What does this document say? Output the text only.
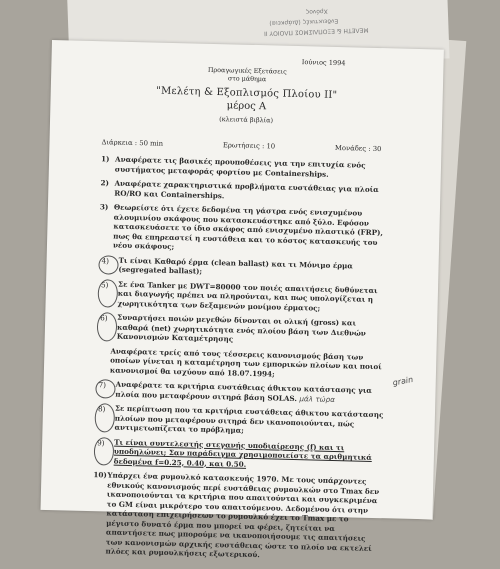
ΜΕΛΕΤΗ & ΕΞΟΠΛΙΣΜΟΣ ΠΛΟΙΟΥ ΙΙ
Ενδεικτικές (Διάρκεια)
Χρόνος
Ιούνιος 1994
Προαγωγικές Εξετάσεις
στο μάθημα
"Μελέτη & Εξοπλισμός Πλοίου ΙΙ"
μέρος Α
(κλειστά βιβλία)
Διάρκεια : 50 min	Ερωτήσεις : 10	Μονάδες : 30
1) Αναφέρατε τις βασικές προυποθέσεις για την επιτυχία ενός συστήματος μεταφοράς φορτίου με Containerships.
2) Αναφέρατε χαρακτηριστικά προβλήματα ευστάθειας για πλοία RO/RO και Containerships.
3) Θεωρείστε ότι έχετε δεδομένα τη γάστρα ενός ενισχυμένου αλουμινίου σκάφους που κατασκευάστηκε από ξύλο. Εφόσον κατασκευάσετε το ίδιο σκάφος από ενισχυμένο πλαστικό (FRP), πως θα επηρεαστεί η ευστάθεια και το κόστος κατασκευής του νέου σκάφους;
4)	Τι είναι Καθαρό έρμα (clean ballast) και τι Μόνιμο έρμα (segregated ballast);
5)	Σε ένα Tanker με DWT=80000 τον ποιές απαιτήσεις δυθύνεται και διαγωγής πρέπει να πληρούνται, και πως υπολογίζεται η χωρητικότητα των δεξαμενών μονίμου έρματος;
6)	Συναρτήσει ποιών μεγεθών δίνονται οι ολική (gross) και καθαρά (net) χωρητικότητα ενός πλοίου βάση των Διεθνών Κανονισμών Καταμέτρησης
Αναφέρατε τρείς από τους τέσσερεις κανονισμούς βάση των οποίων γίνεται η καταμέτρηση των εμπορικών πλοίων και ποιοί κανονισμοί θα ισχύουν από 18.07.1994;
7)	Αναφέρατε τα κριτήρια ευστάθειας άθικτου κατάστασης για πλοία που μεταφέρουν σιτηρά βάση SOLAS. μάλ τώρα
8)	Σε περίπτωση που τα κριτήρια ευστάθειας άθικτου κατάστασης πλοίων που μεταφέρουν σιτηρά δεν ικανοποιούνται, πώς αντιμετωπίζεται το πρόβλημα;
9)	Τι είναι συντελεστής στεγανής υποδιαίρεσης (f) και τι υποδηλώνει; Σαν παράδειγμα χρησιμοποιείστε τα αριθμητικά δεδομένα f=0.25, 0.40, και 0.50.
10) Υπάρχει ένα ρυμουλκό κατασκευής 1970. Με τους υπάρχοντες εθνικούς κανονισμούς περί ευστάθειας ρυμουλκών στο Tmax δεν ικανοποιούνται τα κριτήρια που απαιτούνται και συγκεκριμένα το GM είναι μικρότερο του απαιτούμενου. Δεδομένου ότι στην κατάσταση επιχειρήσεων το ρυμουλκό έχει το Tmax με το μέγιστο δυνατό έρμα που μπορεί να φέρει, ζητείται να απαντήσετε πως μπορούμε να ικανοποιήσουμε τις απαιτήσεις των κανονισμών αρχικής ευστάθειας ώστε το πλοίο να εκτελεί πλόες και ρυμουλκήσεις εξωτερικού.
grain
